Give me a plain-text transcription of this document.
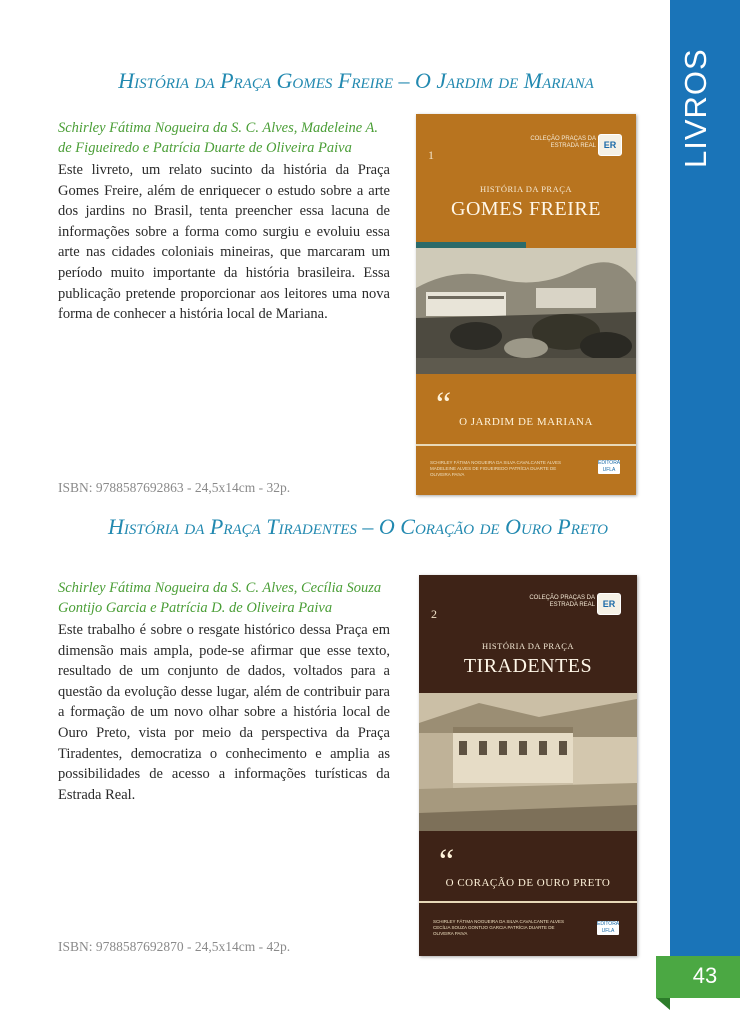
LIVROS
43
História da Praça Gomes Freire – O Jardim de Mariana
Schirley Fátima Nogueira da S. C. Alves, Madeleine A. de Figueiredo e Patrícia Duarte de Oliveira Paiva
Este livreto, um relato sucinto da história da Praça Gomes Freire, além de enriquecer o estudo sobre a arte dos jardins no Brasil, tenta preencher essa lacuna de informações sobre a forma como surgiu e evoluiu essa arte nas cidades coloniais mineiras, que marcaram um período muito importante da história brasileira. Essa publicação pretende proporcionar aos leitores uma nova forma de conhecer a história local de Mariana.
ISBN: 9788587692863 - 24,5x14cm - 32p.
1
COLEÇÃO PRAÇAS DA ESTRADA REAL ER
HISTÓRIA DA PRAÇA
GOMES FREIRE
“ O JARDIM DE MARIANA
SCHIRLEY FÁTIMA NOGUEIRA DA SILVA CAVALCANTE ALVES MADELEINE ALVES DE FIGUEIREDO PATRÍCIA DUARTE DE OLIVEIRA PAIVA
EDITORA UFLA
História da Praça Tiradentes – O Coração de Ouro Preto
Schirley Fátima Nogueira da S. C. Alves, Cecília Souza Gontijo Garcia e Patrícia D. de Oliveira Paiva
Este trabalho é sobre o resgate histórico dessa Praça em dimensão mais ampla, pode-se afirmar que esse texto, resultado de um conjunto de dados, voltados para a questão da evolução desse lugar, além de contribuir para a formação de um novo olhar sobre a história local de Ouro Preto, vista por meio da perspectiva da Praça Tiradentes, democratiza o conhecimento e amplia as possibilidades de acesso a informações turísticas da Estrada Real.
ISBN: 9788587692870 - 24,5x14cm - 42p.
2
COLEÇÃO PRAÇAS DA ESTRADA REAL ER
HISTÓRIA DA PRAÇA
TIRADENTES
“
O CORAÇÃO DE OURO PRETO
SCHIRLEY FÁTIMA NOGUEIRA DA SILVA CAVALCANTE ALVES CECÍLIA SOUZA GONTIJO GARCIA PATRÍCIA DUARTE DE OLIVEIRA PAIVA
EDITORA UFLA
